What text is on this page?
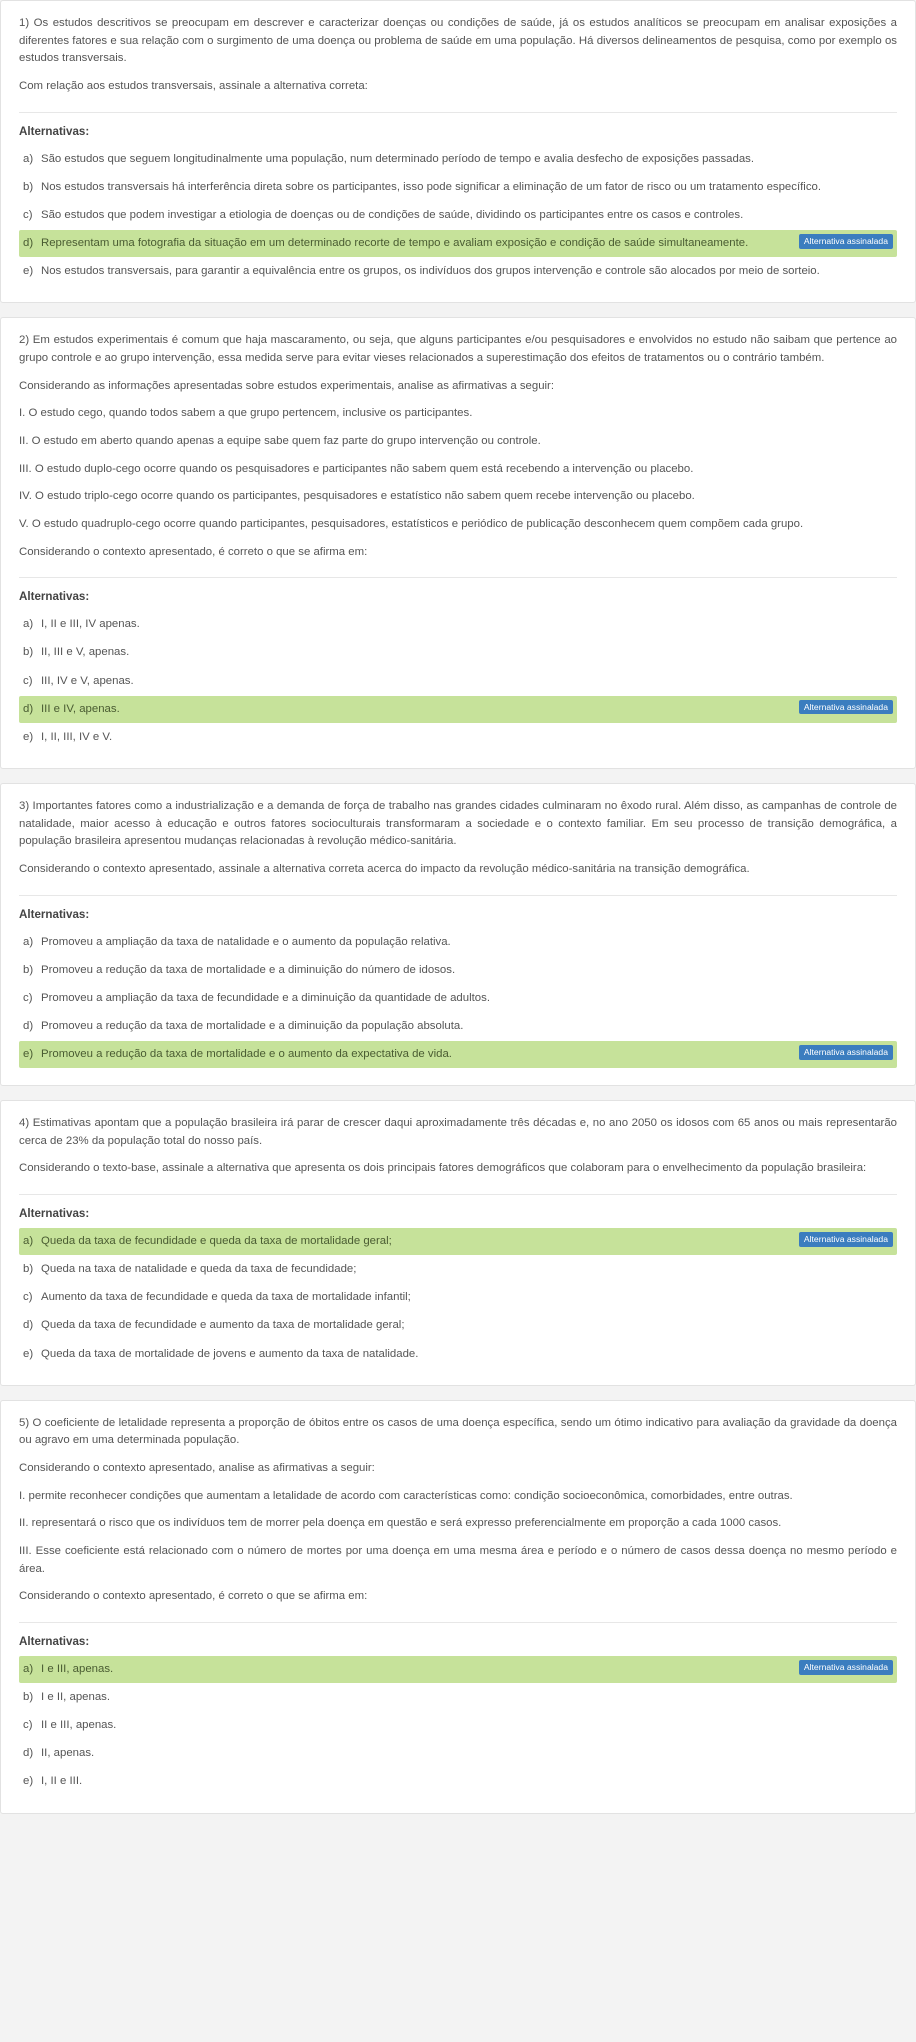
1) Os estudos descritivos se preocupam em descrever e caracterizar doenças ou condições de saúde, já os estudos analíticos se preocupam em analisar exposições a diferentes fatores e sua relação com o surgimento de uma doença ou problema de saúde em uma população. Há diversos delineamentos de pesquisa, como por exemplo os estudos transversais.

Com relação aos estudos transversais, assinale a alternativa correta:

Alternativas:
a) São estudos que seguem longitudinalmente uma população, num determinado período de tempo e avalia desfecho de exposições passadas.
b) Nos estudos transversais há interferência direta sobre os participantes, isso pode significar a eliminação de um fator de risco ou um tratamento específico.
c) São estudos que podem investigar a etiologia de doenças ou de condições de saúde, dividindo os participantes entre os casos e controles.
d) Representam uma fotografia da situação em um determinado recorte de tempo e avaliam exposição e condição de saúde simultaneamente.	Alternativa assinalada
e) Nos estudos transversais, para garantir a equivalência entre os grupos, os indivíduos dos grupos intervenção e controle são alocados por meio de sorteio.

2) Em estudos experimentais é comum que haja mascaramento, ou seja, que alguns participantes e/ou pesquisadores e envolvidos no estudo não saibam que pertence ao grupo controle e ao grupo intervenção, essa medida serve para evitar vieses relacionados a superestimação dos efeitos de tratamentos ou o contrário também.

Considerando as informações apresentadas sobre estudos experimentais, analise as afirmativas a seguir:

I. O estudo cego, quando todos sabem a que grupo pertencem, inclusive os participantes.

II. O estudo em aberto quando apenas a equipe sabe quem faz parte do grupo intervenção ou controle.

III. O estudo duplo-cego ocorre quando os pesquisadores e participantes não sabem quem está recebendo a intervenção ou placebo.

IV. O estudo triplo-cego ocorre quando os participantes, pesquisadores e estatístico não sabem quem recebe intervenção ou placebo.

V. O estudo quadruplo-cego ocorre quando participantes, pesquisadores, estatísticos e periódico de publicação desconhecem quem compõem cada grupo.

Considerando o contexto apresentado, é correto o que se afirma em:

Alternativas:
a) I, II e III, IV apenas.
b) II, III e V, apenas.
c) III, IV e V, apenas.
d) III e IV, apenas.	Alternativa assinalada
e) I, II, III, IV e V.

3) Importantes fatores como a industrialização e a demanda de força de trabalho nas grandes cidades culminaram no êxodo rural. Além disso, as campanhas de controle de natalidade, maior acesso à educação e outros fatores socioculturais transformaram a sociedade e o contexto familiar. Em seu processo de transição demográfica, a população brasileira apresentou mudanças relacionadas à revolução médico-sanitária.

Considerando o contexto apresentado, assinale a alternativa correta acerca do impacto da revolução médico-sanitária na transição demográfica.

Alternativas:
a) Promoveu a ampliação da taxa de natalidade e o aumento da população relativa.
b) Promoveu a redução da taxa de mortalidade e a diminuição do número de idosos.
c) Promoveu a ampliação da taxa de fecundidade e a diminuição da quantidade de adultos.
d) Promoveu a redução da taxa de mortalidade e a diminuição da população absoluta.
e) Promoveu a redução da taxa de mortalidade e o aumento da expectativa de vida.	Alternativa assinalada

4) Estimativas apontam que a população brasileira irá parar de crescer daqui aproximadamente três décadas e, no ano 2050 os idosos com 65 anos ou mais representarão cerca de 23% da população total do nosso país.

Considerando o texto-base, assinale a alternativa que apresenta os dois principais fatores demográficos que colaboram para o envelhecimento da população brasileira:

Alternativas:
a) Queda da taxa de fecundidade e queda da taxa de mortalidade geral;	Alternativa assinalada
b) Queda na taxa de natalidade e queda da taxa de fecundidade;
c) Aumento da taxa de fecundidade e queda da taxa de mortalidade infantil;
d) Queda da taxa de fecundidade e aumento da taxa de mortalidade geral;
e) Queda da taxa de mortalidade de jovens e aumento da taxa de natalidade.

5) O coeficiente de letalidade representa a proporção de óbitos entre os casos de uma doença específica, sendo um ótimo indicativo para avaliação da gravidade da doença ou agravo em uma determinada população.

Considerando o contexto apresentado, analise as afirmativas a seguir:

I. permite reconhecer condições que aumentam a letalidade de acordo com características como: condição socioeconômica, comorbidades, entre outras.

II. representará o risco que os indivíduos tem de morrer pela doença em questão e será expresso preferencialmente em proporção a cada 1000 casos.

III. Esse coeficiente está relacionado com o número de mortes por uma doença em uma mesma área e período e o número de casos dessa doença no mesmo período e área.

Considerando o contexto apresentado, é correto o que se afirma em:

Alternativas:
a) I e III, apenas.	Alternativa assinalada
b) I e II, apenas.
c) II e III, apenas.
d) II, apenas.
e) I, II e III.
